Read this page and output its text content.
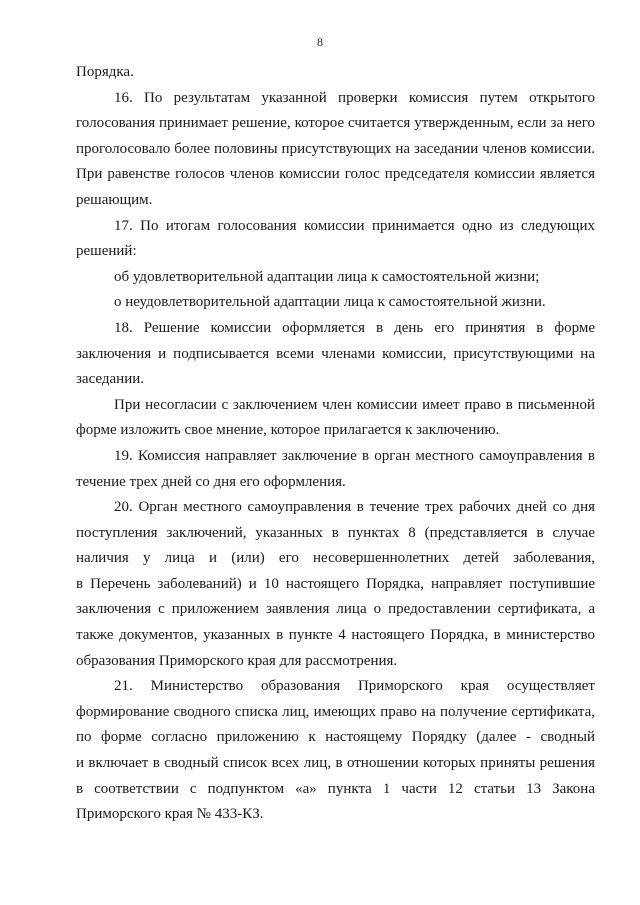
8
Порядка.
16. По результатам указанной проверки комиссия путем открытого
голосования принимает решение, которое считается утвержденным, если за него
проголосовало более половины присутствующих на заседании членов комиссии.
При равенстве голосов членов комиссии голос председателя комиссии является
решающим.
17. По итогам голосования комиссии принимается одно из следующих
решений:
об удовлетворительной адаптации лица к самостоятельной жизни;
о неудовлетворительной адаптации лица к самостоятельной жизни.
18. Решение комиссии оформляется в день его принятия в форме
заключения и подписывается всеми членами комиссии, присутствующими на
заседании.
При несогласии с заключением член комиссии имеет право в письменной
форме изложить свое мнение, которое прилагается к заключению.
19. Комиссия направляет заключение в орган местного самоуправления в
течение трех дней со дня его оформления.
20. Орган местного самоуправления в течение трех рабочих дней со дня
поступления заключений, указанных в пунктах 8 (представляется в случае
наличия у лица и (или) его несовершеннолетних детей заболевания,
в Перечень заболеваний) и 10 настоящего Порядка, направляет поступившие
заключения с приложением заявления лица о предоставлении сертификата, а
также документов, указанных в пункте 4 настоящего Порядка, в министерство
образования Приморского края для рассмотрения.
21. Министерство образования Приморского края осуществляет
формирование сводного списка лиц, имеющих право на получение сертификата,
по форме согласно приложению к настоящему Порядку (далее - сводный
и включает в сводный список всех лиц, в отношении которых приняты решения
в соответствии с подпунктом «а» пункта 1 части 12 статьи 13 Закона
Приморского края № 433-КЗ.
